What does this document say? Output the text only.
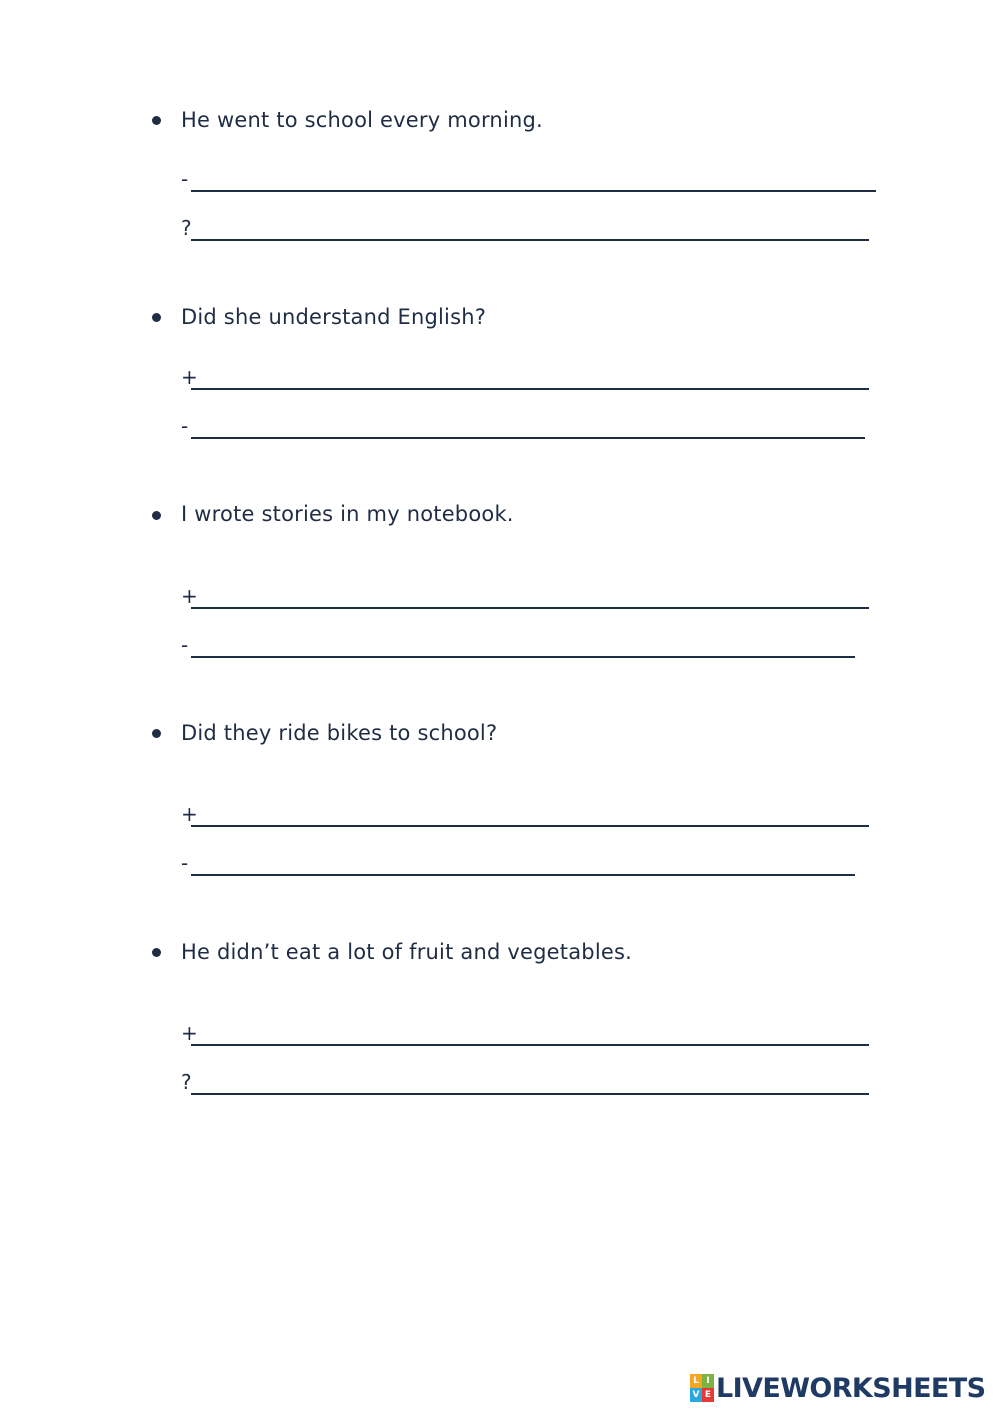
He went to school every morning.
-
?
Did she understand English?
+
-
I wrote stories in my notebook.
+
-
Did they ride bikes to school?
+
-
He didn’t eat a lot of fruit and vegetables.
+
?
L I
V E LIVEWORKSHEETS
